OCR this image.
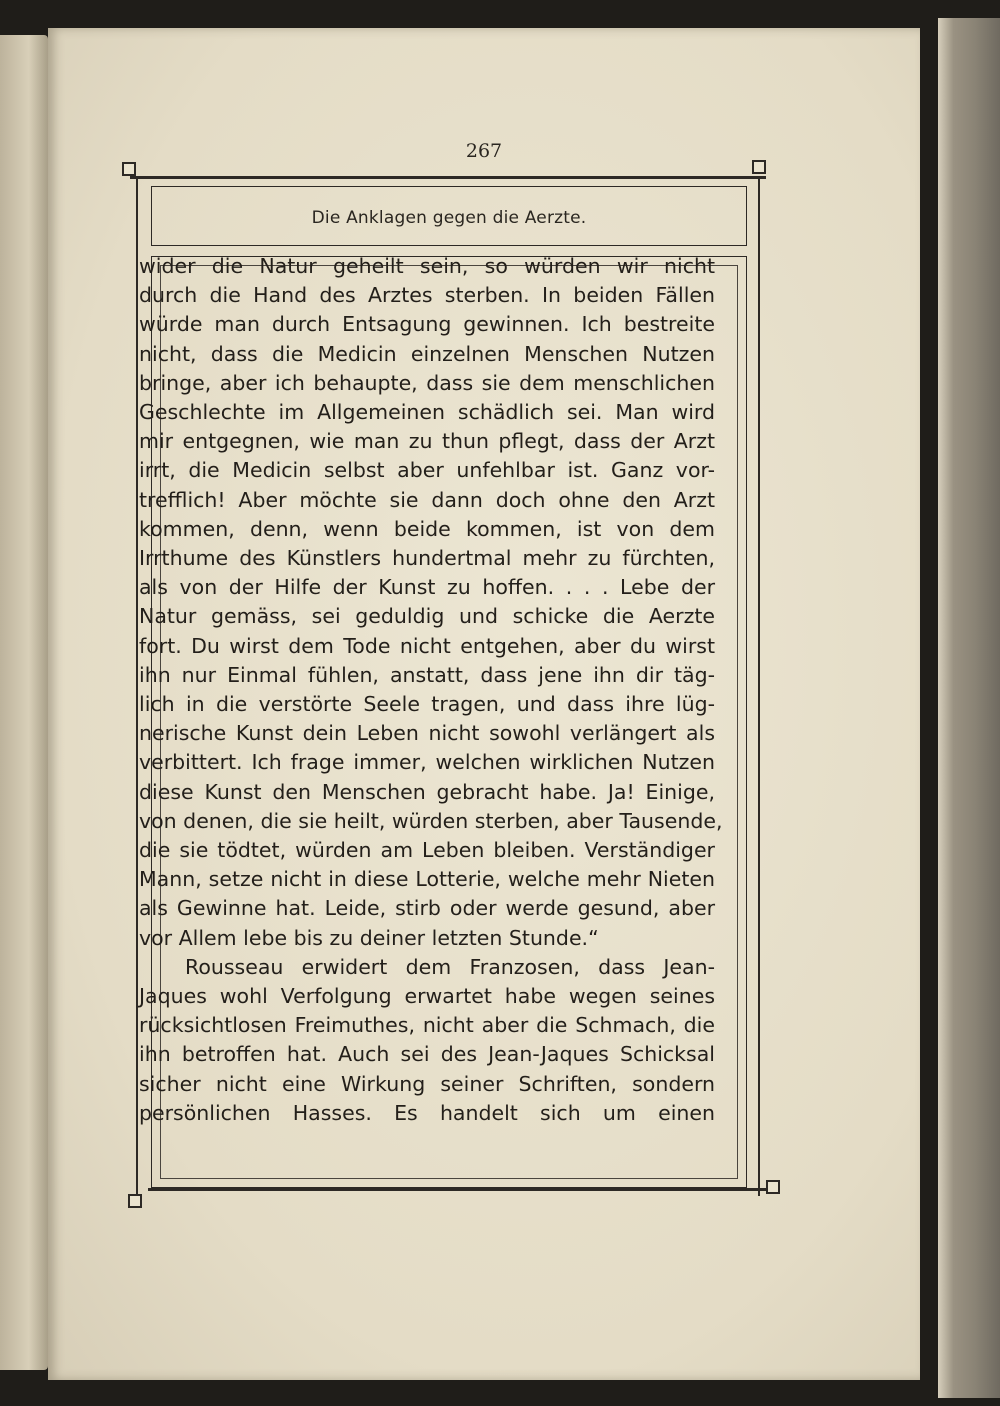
267
Die Anklagen gegen die Aerzte.
wider die Natur geheilt sein, so würden wir nicht
durch die Hand des Arztes sterben. In beiden Fällen
würde man durch Entsagung gewinnen. Ich bestreite
nicht, dass die Medicin einzelnen Menschen Nutzen
bringe, aber ich behaupte, dass sie dem menschlichen
Geschlechte im Allgemeinen schädlich sei. Man wird
mir entgegnen, wie man zu thun pflegt, dass der Arzt
irrt, die Medicin selbst aber unfehlbar ist. Ganz vor-
trefflich! Aber möchte sie dann doch ohne den Arzt
kommen, denn, wenn beide kommen, ist von dem
Irrthume des Künstlers hundertmal mehr zu fürchten,
als von der Hilfe der Kunst zu hoffen. . . . Lebe der
Natur gemäss, sei geduldig und schicke die Aerzte
fort. Du wirst dem Tode nicht entgehen, aber du wirst
ihn nur Einmal fühlen, anstatt, dass jene ihn dir täg-
lich in die verstörte Seele tragen, und dass ihre lüg-
nerische Kunst dein Leben nicht sowohl verlängert als
verbittert. Ich frage immer, welchen wirklichen Nutzen
diese Kunst den Menschen gebracht habe. Ja! Einige,
von denen, die sie heilt, würden sterben, aber Tausende,
die sie tödtet, würden am Leben bleiben. Verständiger
Mann, setze nicht in diese Lotterie, welche mehr Nieten
als Gewinne hat. Leide, stirb oder werde gesund, aber
vor Allem lebe bis zu deiner letzten Stunde.“
Rousseau erwidert dem Franzosen, dass Jean-
Jaques wohl Verfolgung erwartet habe wegen seines
rücksichtlosen Freimuthes, nicht aber die Schmach, die
ihn betroffen hat. Auch sei des Jean-Jaques Schicksal
sicher nicht eine Wirkung seiner Schriften, sondern
persönlichen Hasses. Es handelt sich um einen
